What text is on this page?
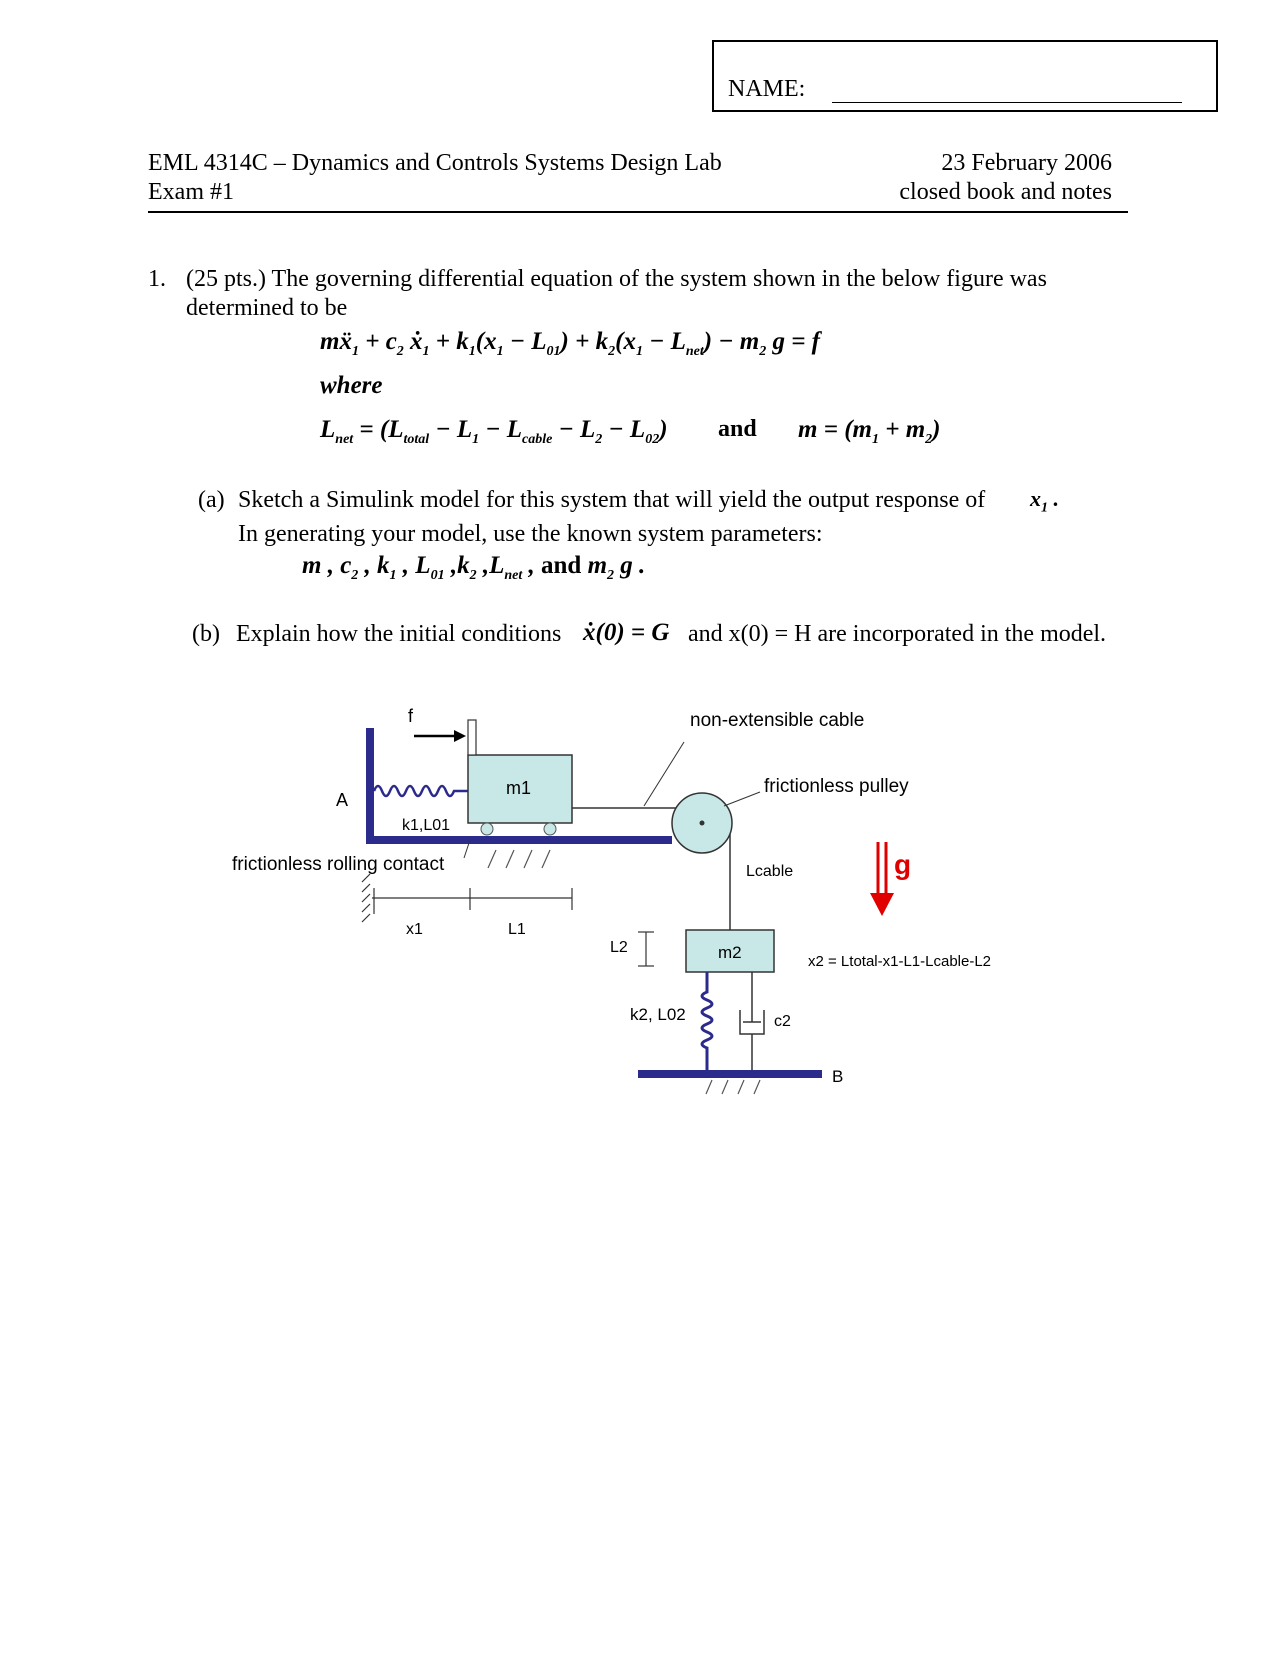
NAME:
EML 4314C – Dynamics and Controls Systems Design Lab
Exam #1
23 February 2006
closed book and notes
1. (25 pts.) The governing differential equation of the system shown in the below figure was
determined to be
mẍ$_1$ + $c_2$ ẋ$_1$ + $k_1(x_1 - L_{01}) + k_2(x_1 - L_{net}) - m_2$ g = f
where
$L_{net} = (L_{total} - L_1 - L_{cable} - L_2 - L_{02})$ and $m = (m_1 + m_2)$
(a) Sketch a Simulink model for this system that will yield the output response of $x_1$ .
In generating your model, use the known system parameters:
m , $c_2$ , $k_1$ , $L_{01}$ $,k_2$ $,L_{net}$ , and $m_2$ g .
(b) Explain how the initial conditions ẋ(0) = G and x(0) = H are incorporated in the model.
f
A
m1
k1,L01
frictionless rolling contact
non-extensible cable
frictionless pulley
Lcable	g
x1	L1
L2	m2
k2, L02	c2
x2 = Ltotal-x1-L1-Lcable-L2
B
